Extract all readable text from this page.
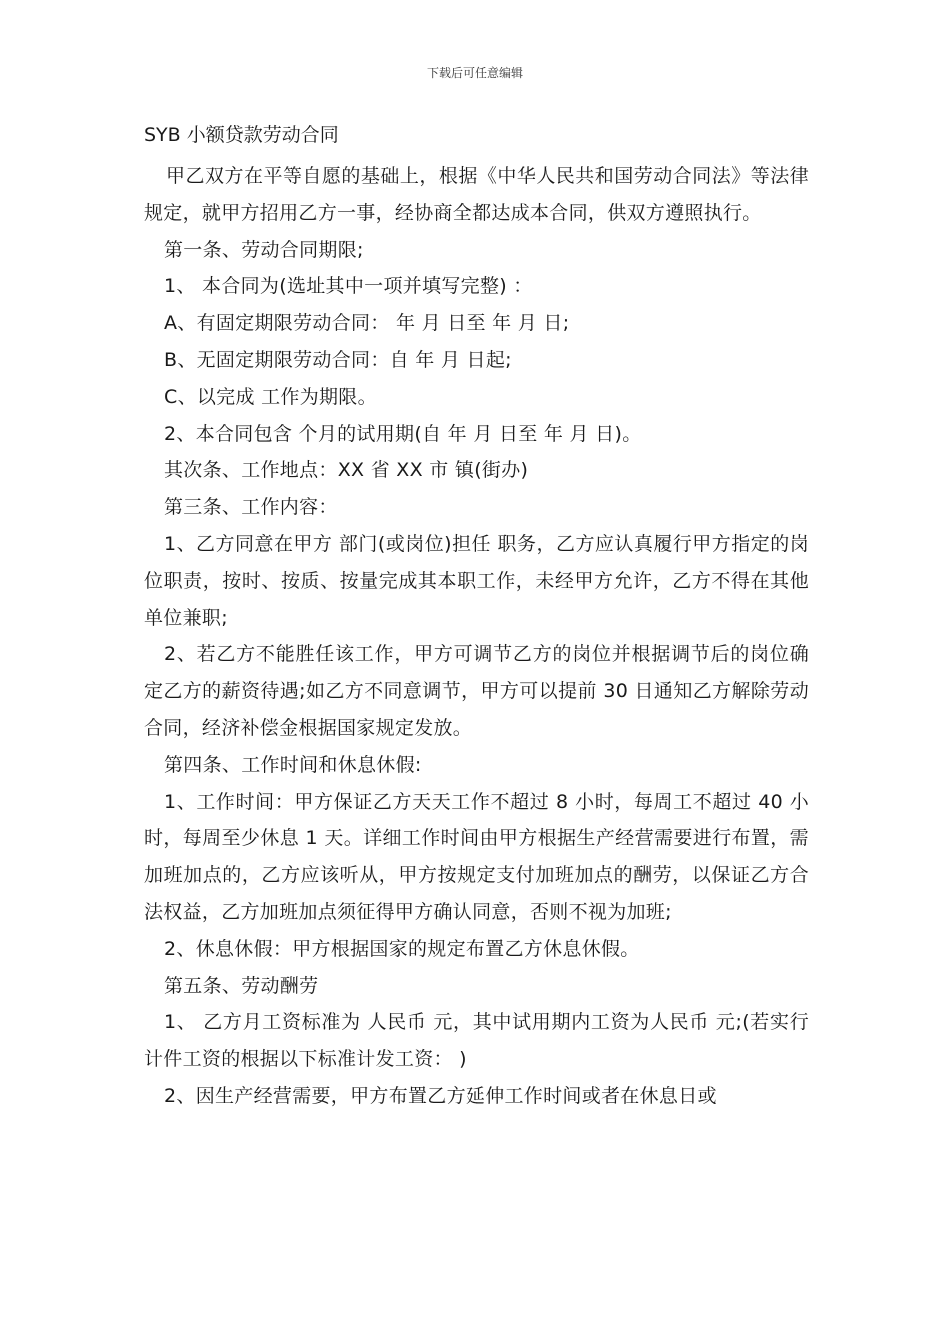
下载后可任意编辑
SYB 小额贷款劳动合同

甲乙双方在平等自愿的基础上，根据《中华人民共和国劳动合同法》等法律规定，就甲方招用乙方一事，经协商全都达成本合同，供双方遵照执行。

第一条、劳动合同期限;

1、 本合同为(选址其中一项并填写完整) ：

A、有固定期限劳动合同： 年 月 日至 年 月 日;

B、无固定期限劳动合同：自 年 月 日起;

C、以完成 工作为期限。

2、本合同包含 个月的试用期(自 年 月 日至 年 月 日)。

其次条、工作地点：XX 省 XX 市 镇(街办)

第三条、工作内容：

1、乙方同意在甲方 部门(或岗位)担任 职务，乙方应认真履行甲方指定的岗位职责，按时、按质、按量完成其本职工作，未经甲方允许，乙方不得在其他单位兼职;

2、若乙方不能胜任该工作，甲方可调节乙方的岗位并根据调节后的岗位确定乙方的薪资待遇;如乙方不同意调节，甲方可以提前 30 日通知乙方解除劳动合同，经济补偿金根据国家规定发放。

第四条、工作时间和休息休假:

1、工作时间：甲方保证乙方天天工作不超过 8 小时，每周工不超过 40 小时，每周至少休息 1 天。详细工作时间由甲方根据生产经营需要进行布置，需加班加点的，乙方应该听从，甲方按规定支付加班加点的酬劳，以保证乙方合法权益，乙方加班加点须征得甲方确认同意，否则不视为加班;

2、休息休假：甲方根据国家的规定布置乙方休息休假。

第五条、劳动酬劳

1、 乙方月工资标准为 人民币 元，其中试用期内工资为人民币 元;(若实行计件工资的根据以下标准计发工资： )

2、因生产经营需要，甲方布置乙方延伸工作时间或者在休息日或
